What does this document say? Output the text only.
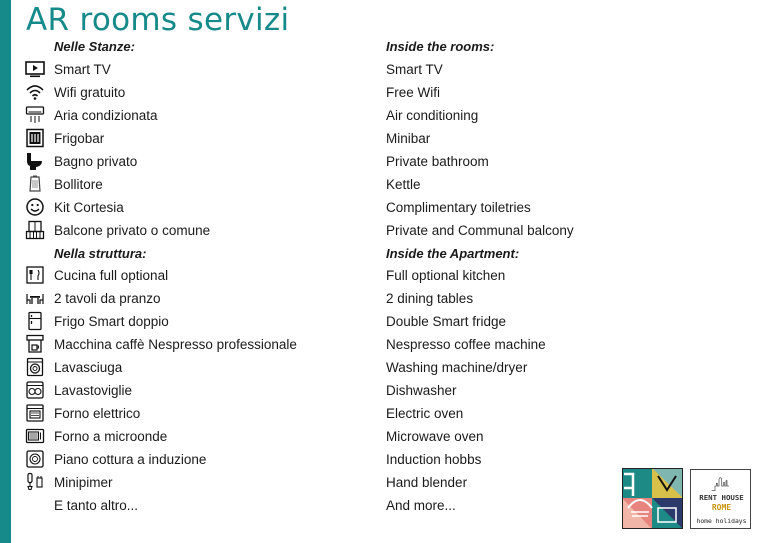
AR rooms servizi
Nelle Stanze:
Smart TV
Wifi gratuito
Aria condizionata
Frigobar
Bagno privato
Bollitore
Kit Cortesia
Balcone privato o comune
Nella struttura:
Cucina full optional
2 tavoli da pranzo
Frigo Smart doppio
Macchina caffè Nespresso professionale
Lavasciuga
Lavastoviglie
Forno elettrico
Forno a microonde
Piano cottura a induzione
Minipimer
E tanto altro...
Inside the rooms:
Smart TV
Free Wifi
Air conditioning
Minibar
Private bathroom
Kettle
Complimentary toiletries
Private and Communal balcony
Inside the Apartment:
Full optional kitchen
2 dining tables
Double Smart fridge
Nespresso coffee machine
Washing machine/dryer
Dishwasher
Electric oven
Microwave oven
Induction hobbs
Hand blender
And more...	RENT HOUSE
ROME
home holidays
